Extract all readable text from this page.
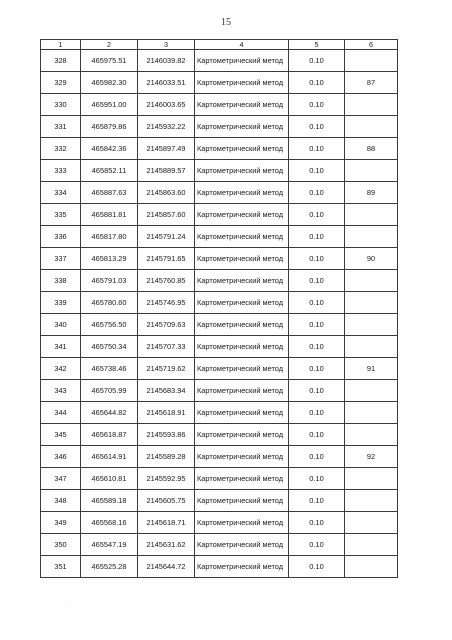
15
1	2	3	4	5	6
328	465975.51	2146039.82	Картометрический метод	0.10	
329	465982.30	2146033.51	Картометрический метод	0.10	87
330	465951.00	2146003.65	Картометрический метод	0.10	
331	465879.86	2145932.22	Картометрический метод	0.10	
332	465842.36	2145897.49	Картометрический метод	0.10	88
333	465852.11	2145889.57	Картометрический метод	0.10	
334	465887.63	2145863.60	Картометрический метод	0.10	89
335	465881.81	2145857.60	Картометрический метод	0.10	
336	465817.80	2145791.24	Картометрический метод	0.10	
337	465813.29	2145791.65	Картометрический метод	0.10	90
338	465791.03	2145760.85	Картометрический метод	0.10	
339	465780.60	2145746.95	Картометрический метод	0.10	
340	465756.50	2145709.63	Картометрический метод	0.10	
341	465750.34	2145707.33	Картометрический метод	0.10	
342	465738.46	2145719.62	Картометрический метод	0.10	91
343	465705.99	2145683.94	Картометрический метод	0.10	
344	465644.82	2145618.91	Картометрический метод	0.10	
345	465618.87	2145593.86	Картометрический метод	0.10	
346	465614.91	2145589.28	Картометрический метод	0.10	92
347	465610.81	2145592.95	Картометрический метод	0.10	
348	465589.18	2145605.75	Картометрический метод	0.10	
349	465568.16	2145618.71	Картометрический метод	0.10	
350	465547.19	2145631.62	Картометрический метод	0.10	
351	465525.28	2145644.72	Картометрический метод	0.10	
·
